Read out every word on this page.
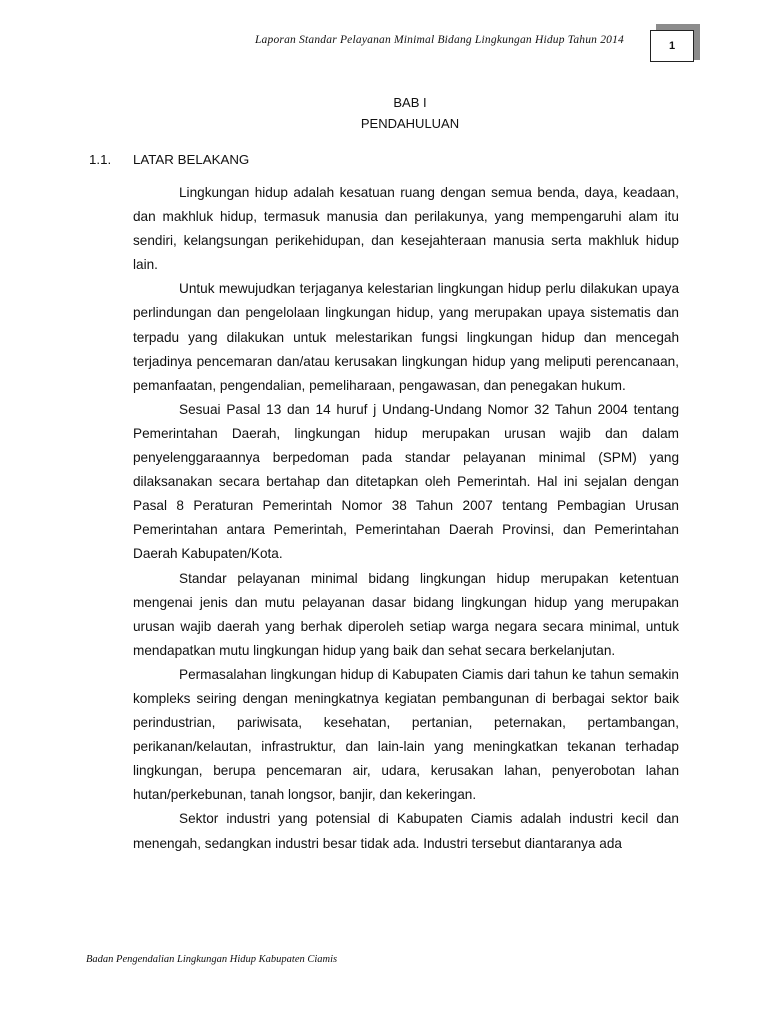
Laporan Standar Pelayanan Minimal Bidang Lingkungan Hidup Tahun 2014	1
BAB I
PENDAHULUAN
1.1. LATAR BELAKANG

Lingkungan hidup adalah kesatuan ruang dengan semua benda, daya, keadaan, dan makhluk hidup, termasuk manusia dan perilakunya, yang mempengaruhi alam itu sendiri, kelangsungan perikehidupan, dan kesejahteraan manusia serta makhluk hidup lain.

Untuk mewujudkan terjaganya kelestarian lingkungan hidup perlu dilakukan upaya perlindungan dan pengelolaan lingkungan hidup, yang merupakan upaya sistematis dan terpadu yang dilakukan untuk melestarikan fungsi lingkungan hidup dan mencegah terjadinya pencemaran dan/atau kerusakan lingkungan hidup yang meliputi perencanaan, pemanfaatan, pengendalian, pemeliharaan, pengawasan, dan penegakan hukum.

Sesuai Pasal 13 dan 14 huruf j Undang-Undang Nomor 32 Tahun 2004 tentang Pemerintahan Daerah, lingkungan hidup merupakan urusan wajib dan dalam penyelenggaraannya berpedoman pada standar pelayanan minimal (SPM) yang dilaksanakan secara bertahap dan ditetapkan oleh Pemerintah. Hal ini sejalan dengan Pasal 8 Peraturan Pemerintah Nomor 38 Tahun 2007 tentang Pembagian Urusan Pemerintahan antara Pemerintah, Pemerintahan Daerah Provinsi, dan Pemerintahan Daerah Kabupaten/Kota.

Standar pelayanan minimal bidang lingkungan hidup merupakan ketentuan mengenai jenis dan mutu pelayanan dasar bidang lingkungan hidup yang merupakan urusan wajib daerah yang berhak diperoleh setiap warga negara secara minimal, untuk mendapatkan mutu lingkungan hidup yang baik dan sehat secara berkelanjutan.

Permasalahan lingkungan hidup di Kabupaten Ciamis dari tahun ke tahun semakin kompleks seiring dengan meningkatnya kegiatan pembangunan di berbagai sektor baik perindustrian, pariwisata, kesehatan, pertanian, peternakan, pertambangan, perikanan/kelautan, infrastruktur, dan lain-lain yang meningkatkan tekanan terhadap lingkungan, berupa pencemaran air, udara, kerusakan lahan, penyerobotan lahan hutan/perkebunan, tanah longsor, banjir, dan kekeringan.

Sektor industri yang potensial di Kabupaten Ciamis adalah industri kecil dan menengah, sedangkan industri besar tidak ada. Industri tersebut diantaranya ada

Badan Pengendalian Lingkungan Hidup Kabupaten Ciamis
